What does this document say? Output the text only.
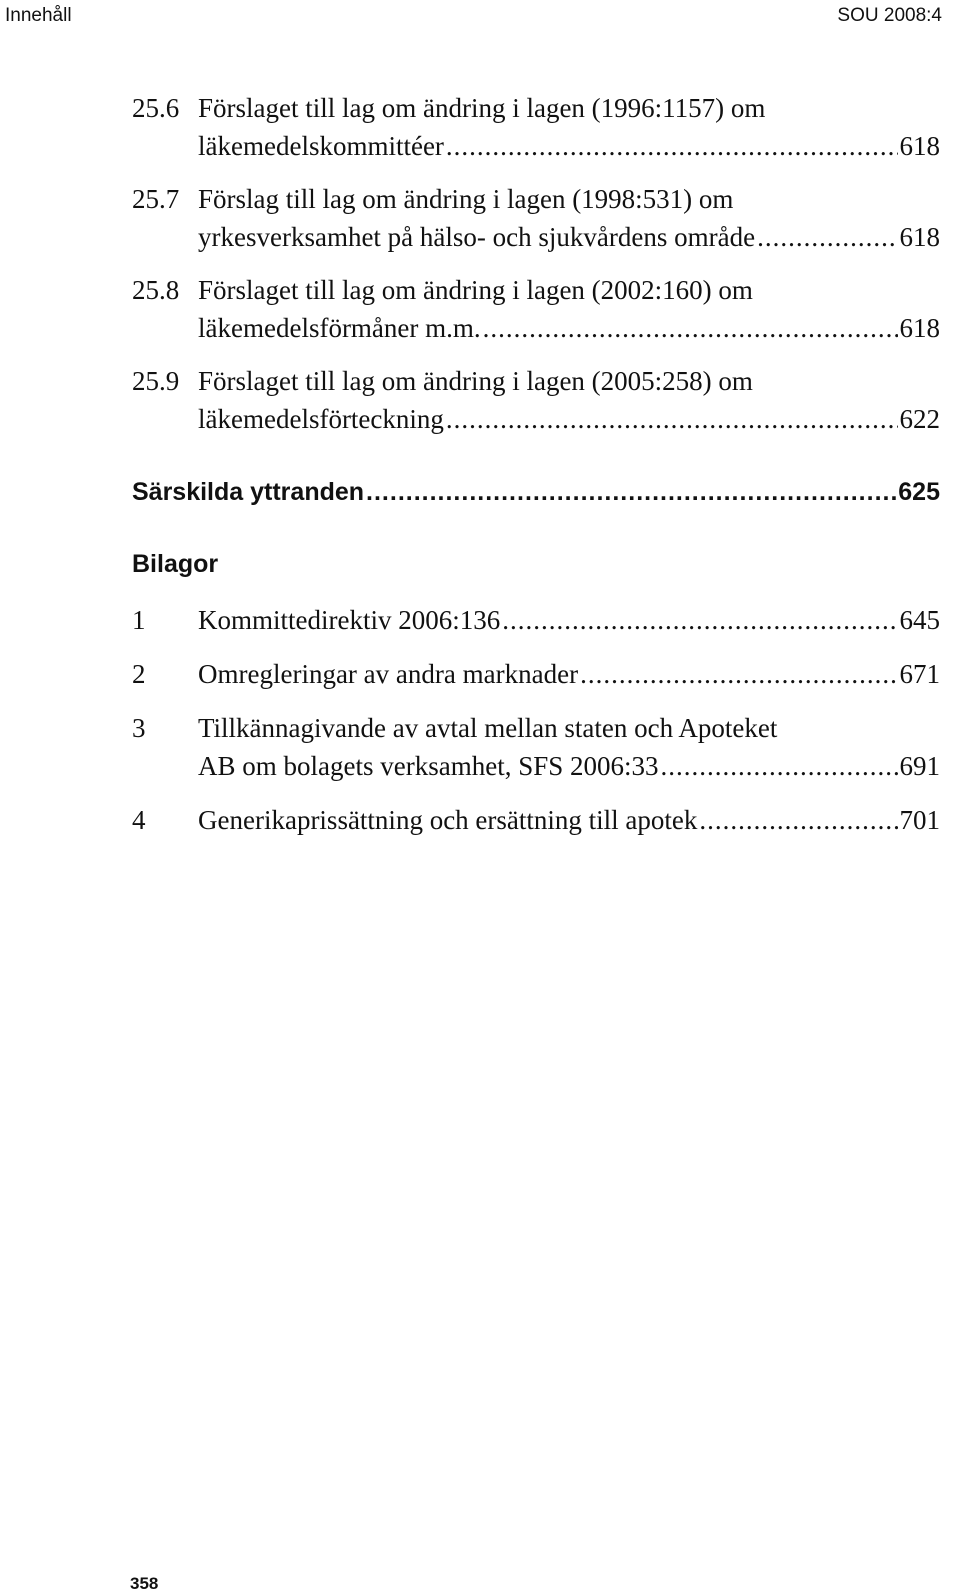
Innehåll	SOU 2008:4
25.6 Förslaget till lag om ändring i lagen (1996:1157) om
läkemedelskommittéer .....	618
25.7 Förslag till lag om ändring i lagen (1998:531) om
yrkesverksamhet på hälso- och sjukvårdens område .....	618
25.8 Förslaget till lag om ändring i lagen (2002:160) om
läkemedelsförmåner m.m. .....	618
25.9 Förslaget till lag om ändring i lagen (2005:258) om
läkemedelsförteckning .....	622
Särskilda yttranden .....	625
Bilagor
1 Kommittedirektiv 2006:136 .....	645
2 Omregleringar av andra marknader .....	671
3 Tillkännagivande av avtal mellan staten och Apoteket
AB om bolagets verksamhet, SFS 2006:33 .....	691
4 Generikaprissättning och ersättning till apotek .....	701
358
